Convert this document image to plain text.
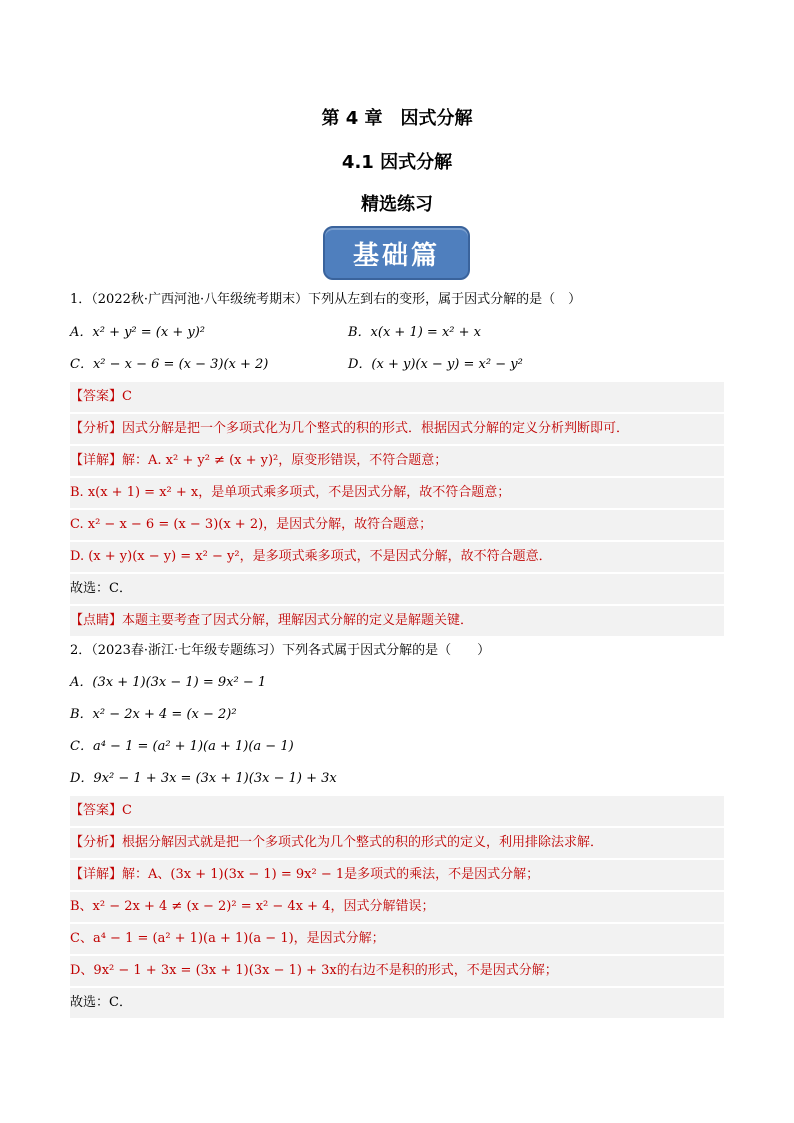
第 4 章　因式分解
4.1 因式分解
精选练习
基础篇
1．（2022秋·广西河池·八年级统考期末）下列从左到右的变形，属于因式分解的是（　）
A．x² + y² = (x + y)²	B．x(x + 1) = x² + x
C．x² − x − 6 = (x − 3)(x + 2)	D．(x + y)(x − y) = x² − y²
【答案】C
【分析】因式分解是把一个多项式化为几个整式的积的形式．根据因式分解的定义分析判断即可．
【详解】解：A. x² + y² ≠ (x + y)²，原变形错误，不符合题意；
B. x(x + 1) = x² + x，是单项式乘多项式，不是因式分解，故不符合题意；
C. x² − x − 6 = (x − 3)(x + 2)，是因式分解，故符合题意；
D. (x + y)(x − y) = x² − y²，是多项式乘多项式，不是因式分解，故不符合题意．
故选：C．
【点睛】本题主要考查了因式分解，理解因式分解的定义是解题关键．
2．（2023春·浙江·七年级专题练习）下列各式属于因式分解的是（　　）
A．(3x + 1)(3x − 1) = 9x² − 1
B．x² − 2x + 4 = (x − 2)²
C．a⁴ − 1 = (a² + 1)(a + 1)(a − 1)
D．9x² − 1 + 3x = (3x + 1)(3x − 1) + 3x
【答案】C
【分析】根据分解因式就是把一个多项式化为几个整式的积的形式的定义，利用排除法求解．
【详解】解：A、(3x + 1)(3x − 1) = 9x² − 1是多项式的乘法，不是因式分解；
B、x² − 2x + 4 ≠ (x − 2)² = x² − 4x + 4，因式分解错误；
C、a⁴ − 1 = (a² + 1)(a + 1)(a − 1)，是因式分解；
D、9x² − 1 + 3x = (3x + 1)(3x − 1) + 3x的右边不是积的形式，不是因式分解；
故选：C．
